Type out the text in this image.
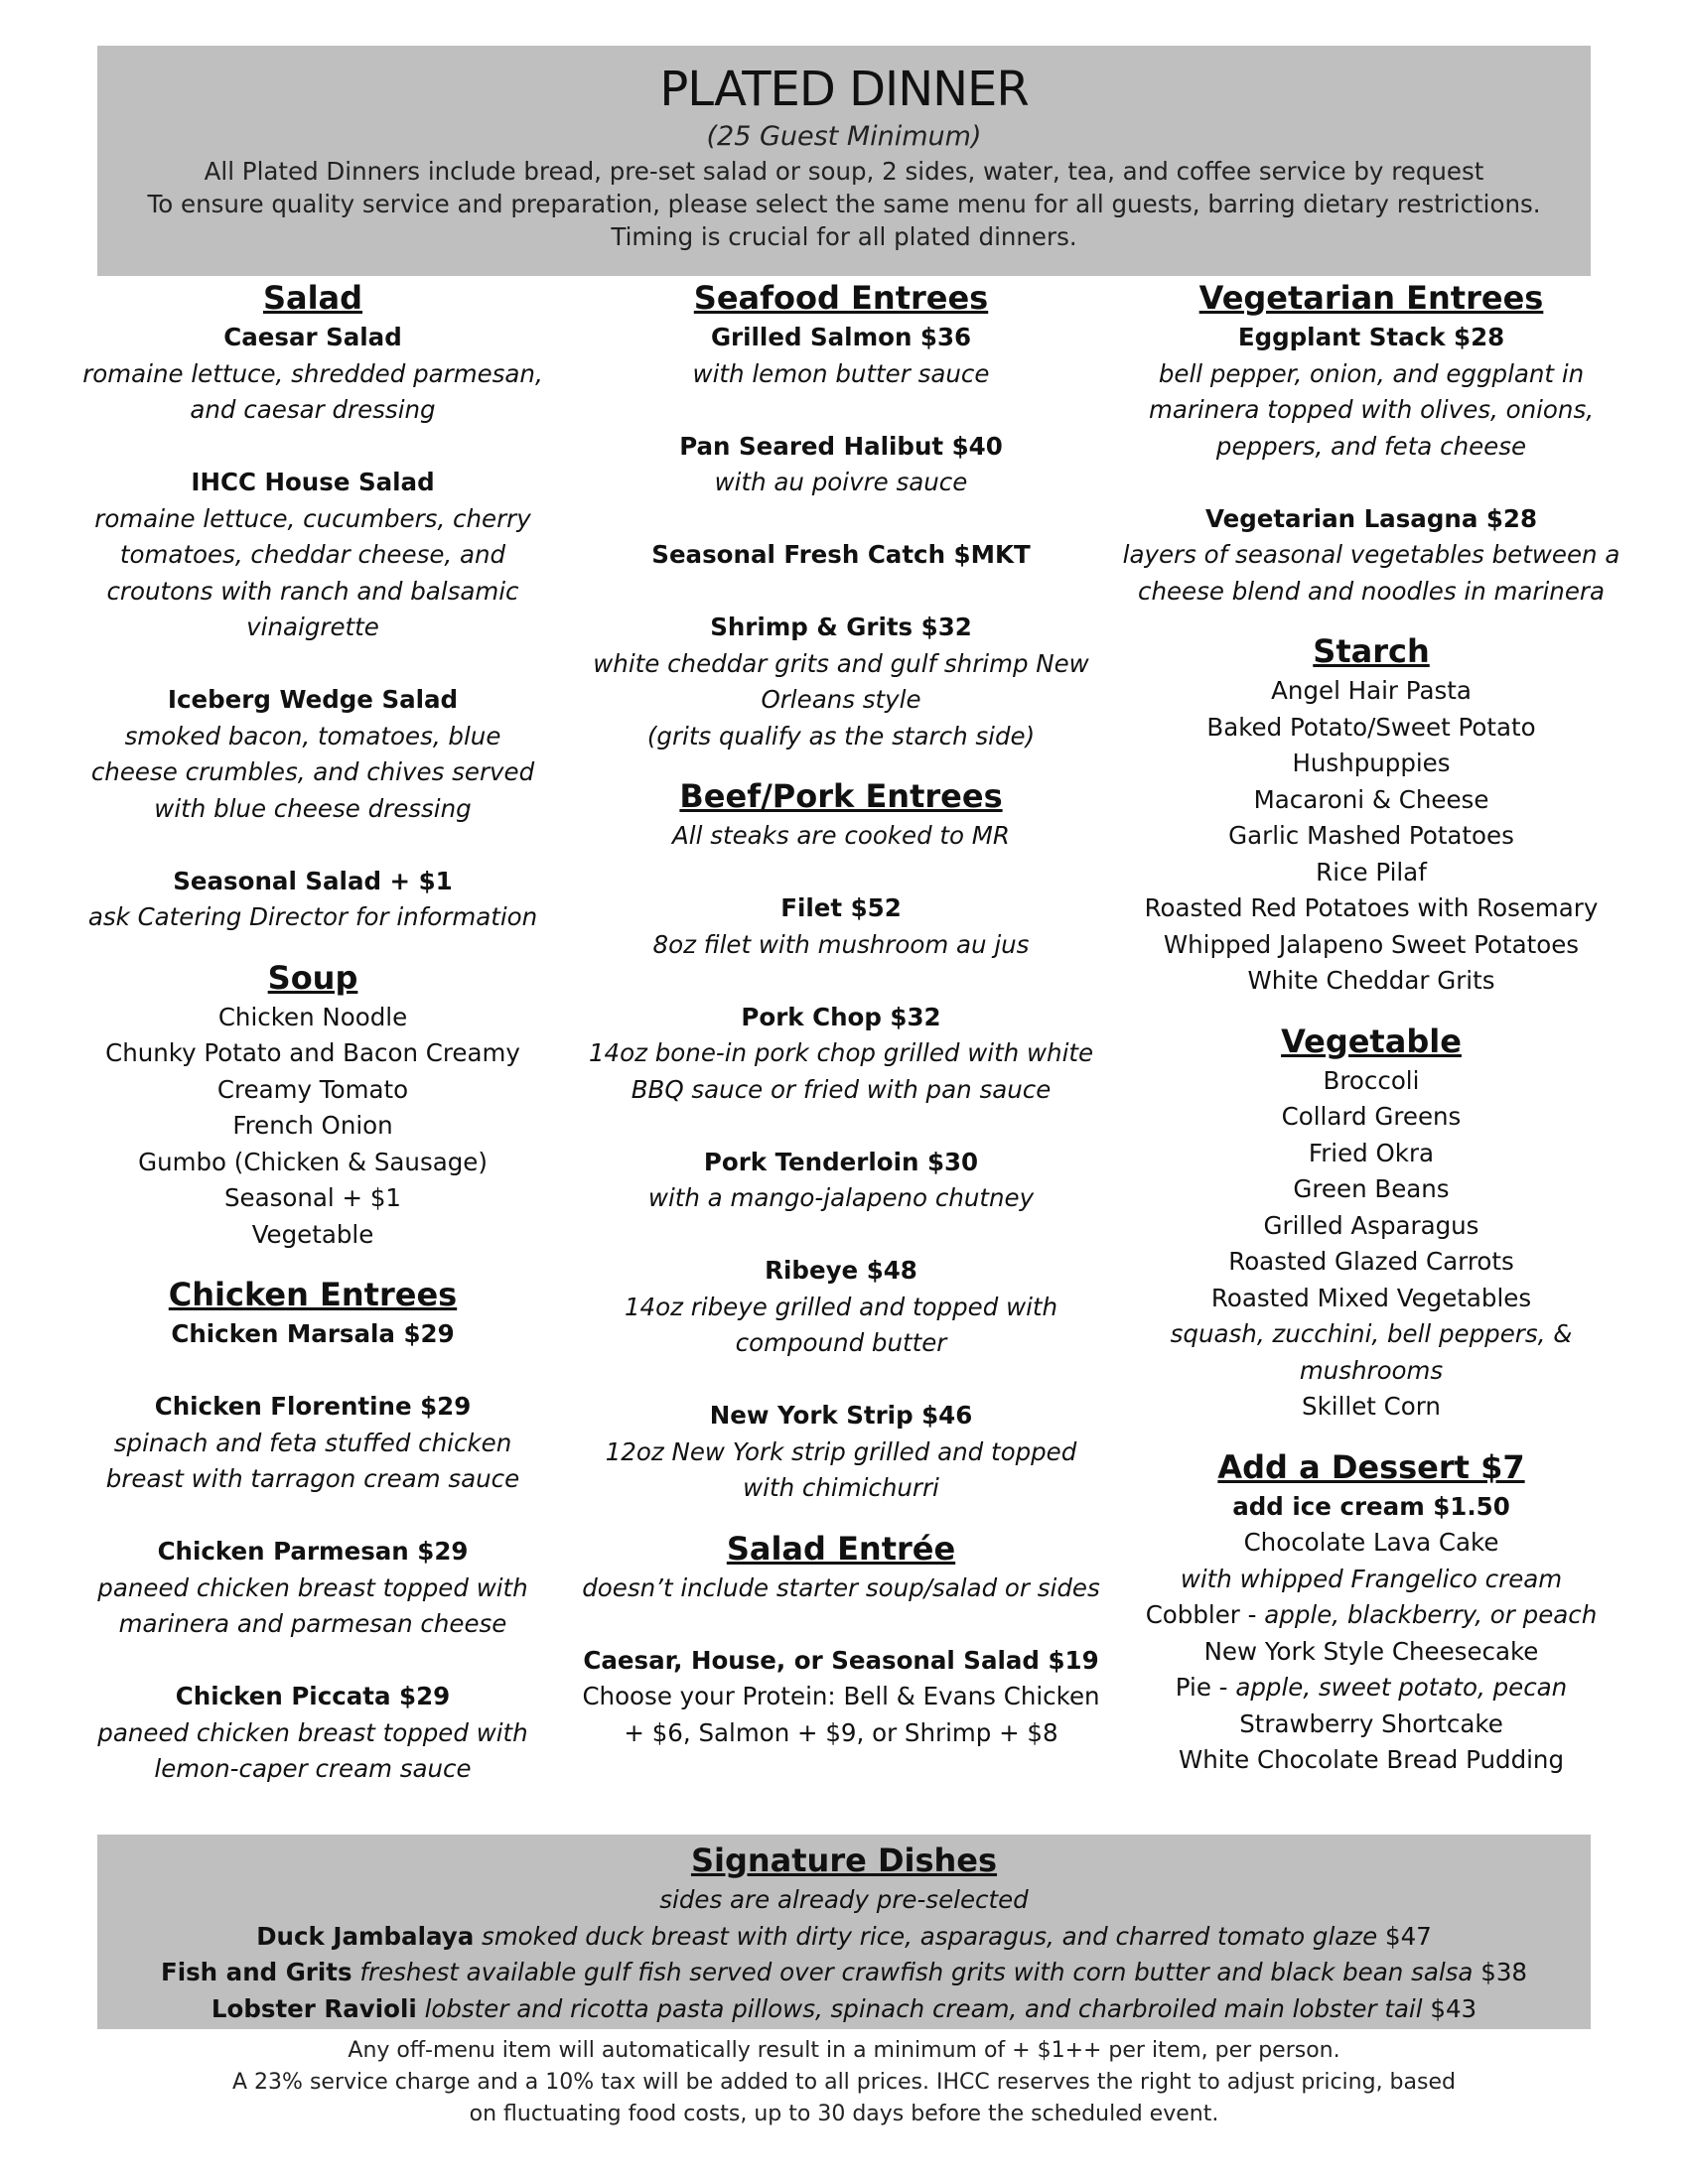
PLATED DINNER

(25 Guest Minimum)

All Plated Dinners include bread, pre-set salad or soup, 2 sides, water, tea, and coffee service by request

To ensure quality service and preparation, please select the same menu for all guests, barring dietary restrictions.

Timing is crucial for all plated dinners.

Salad

Caesar Salad

romaine lettuce, shredded parmesan,

and caesar dressing

IHCC House Salad

romaine lettuce, cucumbers, cherry

tomatoes, cheddar cheese, and

croutons with ranch and balsamic

vinaigrette

Iceberg Wedge Salad

smoked bacon, tomatoes, blue

cheese crumbles, and chives served

with blue cheese dressing

Seasonal Salad + $1

ask Catering Director for information

Soup

Chicken Noodle

Chunky Potato and Bacon Creamy

Creamy Tomato

French Onion

Gumbo (Chicken & Sausage)

Seasonal + $1

Vegetable

Chicken Entrees

Chicken Marsala $29

Chicken Florentine $29

spinach and feta stuffed chicken

breast with tarragon cream sauce

Chicken Parmesan $29

paneed chicken breast topped with

marinera and parmesan cheese

Chicken Piccata $29

paneed chicken breast topped with

lemon-caper cream sauce

Seafood Entrees

Grilled Salmon $36

with lemon butter sauce

Pan Seared Halibut $40

with au poivre sauce

Seasonal Fresh Catch $MKT

Shrimp & Grits $32

white cheddar grits and gulf shrimp New

Orleans style

(grits qualify as the starch side)

Beef/Pork Entrees

All steaks are cooked to MR

Filet $52

8oz filet with mushroom au jus

Pork Chop $32

14oz bone-in pork chop grilled with white

BBQ sauce or fried with pan sauce

Pork Tenderloin $30

with a mango-jalapeno chutney

Ribeye $48

14oz ribeye grilled and topped with

compound butter

New York Strip $46

12oz New York strip grilled and topped

with chimichurri

Salad Entrée

doesn’t include starter soup/salad or sides

Caesar, House, or Seasonal Salad $19

Choose your Protein: Bell & Evans Chicken

+ $6, Salmon + $9, or Shrimp + $8

Vegetarian Entrees

Eggplant Stack $28

bell pepper, onion, and eggplant in

marinera topped with olives, onions,

peppers, and feta cheese

Vegetarian Lasagna $28

layers of seasonal vegetables between a

cheese blend and noodles in marinera

Starch

Angel Hair Pasta

Baked Potato/Sweet Potato

Hushpuppies

Macaroni & Cheese

Garlic Mashed Potatoes

Rice Pilaf

Roasted Red Potatoes with Rosemary

Whipped Jalapeno Sweet Potatoes

White Cheddar Grits

Vegetable

Broccoli

Collard Greens

Fried Okra

Green Beans

Grilled Asparagus

Roasted Glazed Carrots

Roasted Mixed Vegetables

squash, zucchini, bell peppers, &

mushrooms

Skillet Corn

Add a Dessert $7

add ice cream $1.50

Chocolate Lava Cake

with whipped Frangelico cream

Cobbler - apple, blackberry, or peach

New York Style Cheesecake

Pie - apple, sweet potato, pecan

Strawberry Shortcake

White Chocolate Bread Pudding

Signature Dishes

sides are already pre-selected

Duck Jambalaya smoked duck breast with dirty rice, asparagus, and charred tomato glaze $47

Fish and Grits freshest available gulf fish served over crawfish grits with corn butter and black bean salsa $38

Lobster Ravioli lobster and ricotta pasta pillows, spinach cream, and charbroiled main lobster tail $43

Any off-menu item will automatically result in a minimum of + $1++ per item, per person.

A 23% service charge and a 10% tax will be added to all prices. IHCC reserves the right to adjust pricing, based

on fluctuating food costs, up to 30 days before the scheduled event.
